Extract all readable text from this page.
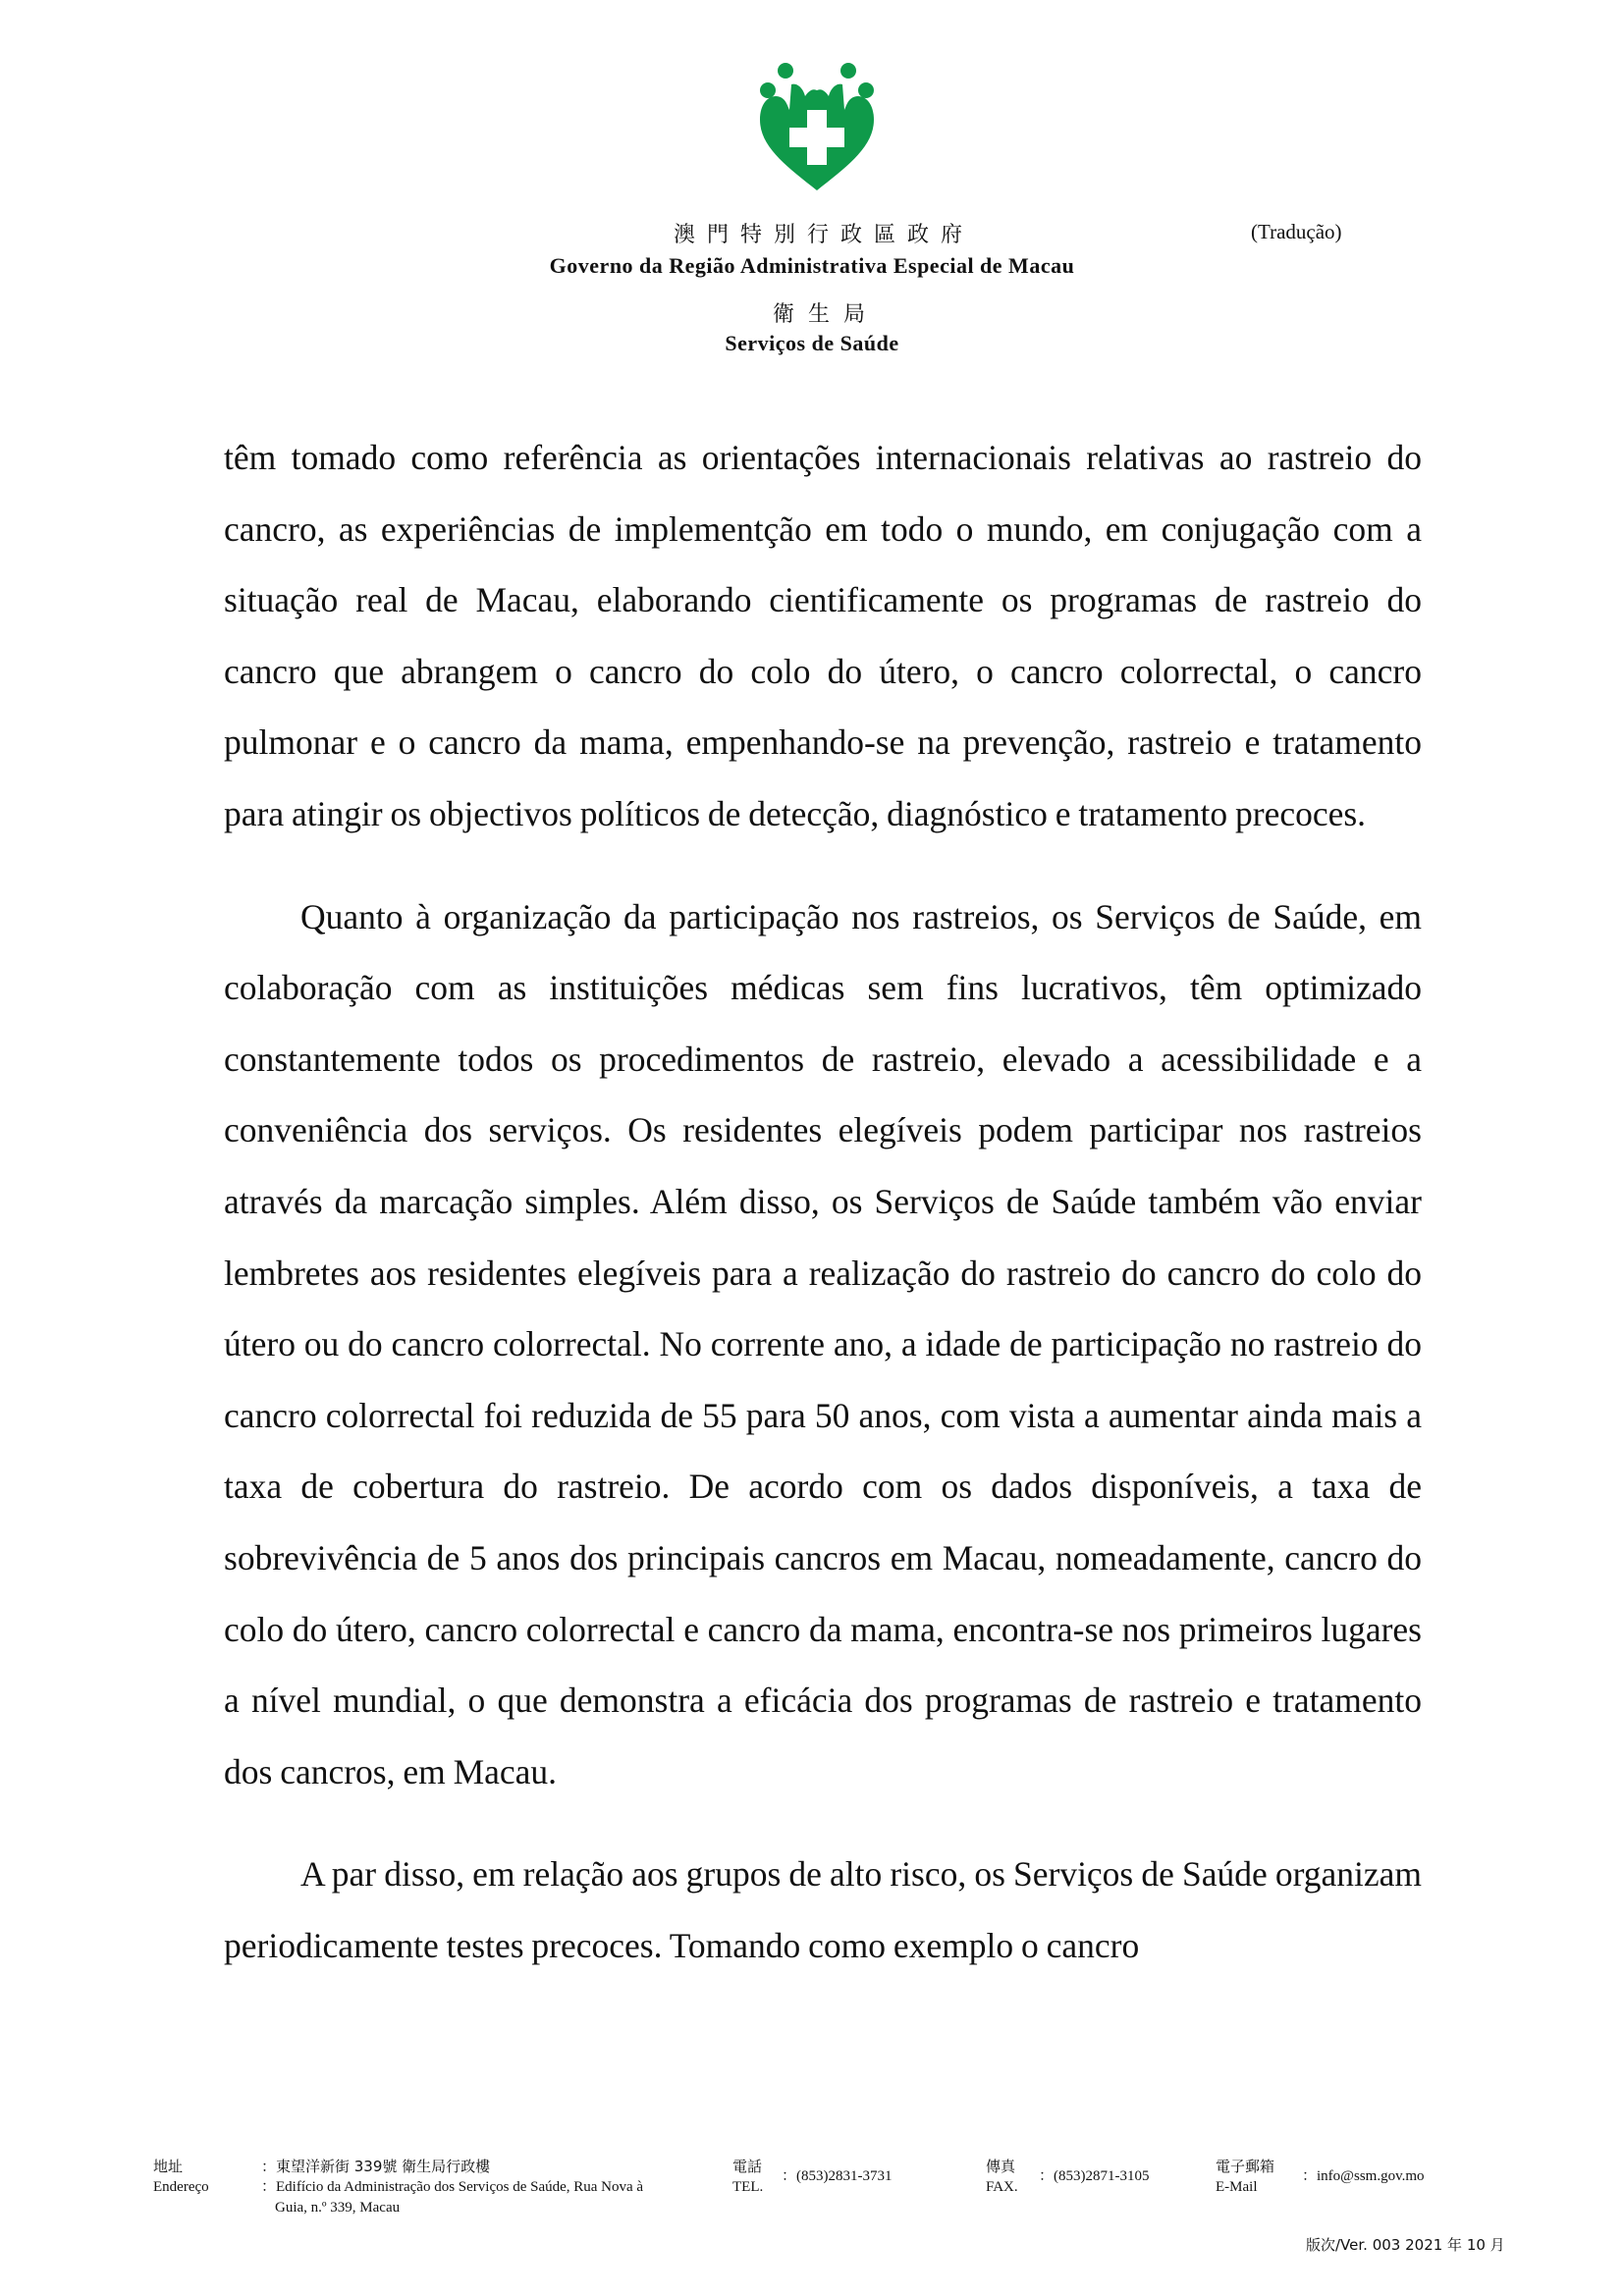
澳門特別行政區政府
Governo da Região Administrativa Especial de Macau
衛生局
Serviços de Saúde
(Tradução)

têm tomado como referência as orientações internacionais relativas ao rastreio do cancro, as experiências de implementção em todo o mundo, em conjugação com a situação real de Macau, elaborando cientificamente os programas de rastreio do cancro que abrangem o cancro do colo do útero, o cancro colorrectal, o cancro pulmonar e o cancro da mama, empenhando-se na prevenção, rastreio e tratamento para atingir os objectivos políticos de detecção, diagnóstico e tratamento precoces.

Quanto à organização da participação nos rastreios, os Serviços de Saúde, em colaboração com as instituições médicas sem fins lucrativos, têm optimizado constantemente todos os procedimentos de rastreio, elevado a acessibilidade e a conveniência dos serviços. Os residentes elegíveis podem participar nos rastreios através da marcação simples. Além disso, os Serviços de Saúde também vão enviar lembretes aos residentes elegíveis para a realização do rastreio do cancro do colo do útero ou do cancro colorrectal. No corrente ano, a idade de participação no rastreio do cancro colorrectal foi reduzida de 55 para 50 anos, com vista a aumentar ainda mais a taxa de cobertura do rastreio. De acordo com os dados disponíveis, a taxa de sobrevivência de 5 anos dos principais cancros em Macau, nomeadamente, cancro do colo do útero, cancro colorrectal e cancro da mama, encontra-se nos primeiros lugares a nível mundial, o que demonstra a eficácia dos programas de rastreio e tratamento dos cancros, em Macau.

A par disso, em relação aos grupos de alto risco, os Serviços de Saúde organizam periodicamente testes precoces. Tomando como exemplo o cancro

地址
Endereço
：東望洋新街 339號 衛生局行政樓
：Edifício da Administração dos Serviços de Saúde, Rua Nova à
Guia, n.º 339, Macau
電話
TEL.
：(853)2831-3731
傳真
FAX.
：(853)2871-3105
電子郵箱
E-Mail
：info@ssm.gov.mo
版次/Ver. 003 2021 年 10 月
